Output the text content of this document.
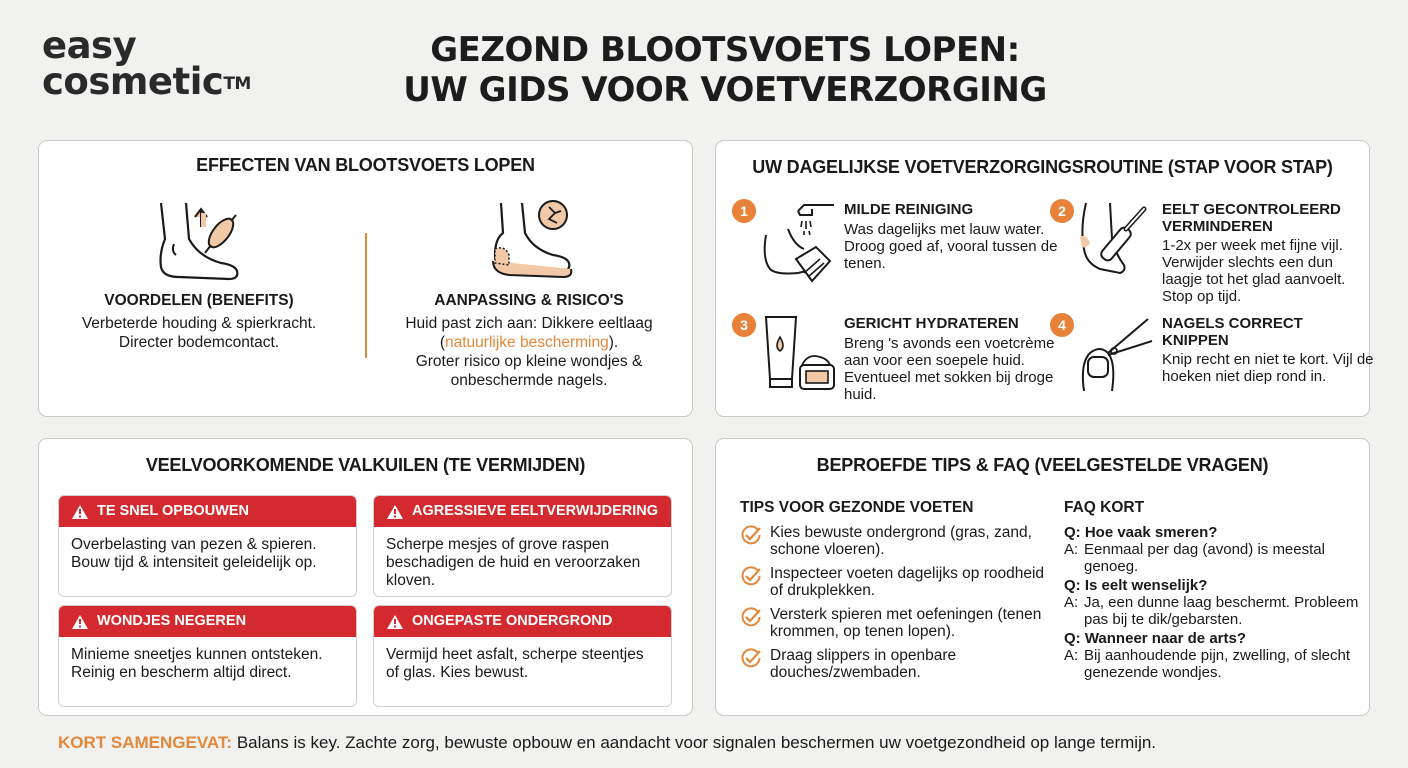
easy
cosmetic™
GEZOND BLOOTSVOETS LOPEN:
UW GIDS VOOR VOETVERZORGING
EFFECTEN VAN BLOOTSVOETS LOPEN
VOORDELEN (BENEFITS)

Verbeterde houding & spierkracht.
Directer bodemcontact.

AANPASSING & RISICO'S

Huid past zich aan: Dikkere eeltlaag
(natuurlijke bescherming).
Groter risico op kleine wondjes &
onbeschermde nagels.

UW DAGELIJKSE VOETVERZORGINGSROUTINE (STAP VOOR STAP)
1	MILDE REINIGING

Was dagelijks met lauw water. Droog goed af, vooral tussen de tenen.

2	EELT GECONTROLEERD VERMINDEREN

1-2x per week met fijne vijl. Verwijder slechts een dun laagje tot het glad aanvoelt. Stop op tijd.

3	GERICHT HYDRATEREN

Breng 's avonds een voetcrème aan voor een soepele huid. Eventueel met sokken bij droge huid.

4	NAGELS CORRECT KNIPPEN

Knip recht en niet te kort. Vijl de hoeken niet diep rond in.

VEELVOORKOMENDE VALKUILEN (TE VERMIJDEN)
TE SNEL OPBOUWEN

Overbelasting van pezen & spieren. Bouw tijd & intensiteit geleidelijk op.

AGRESSIEVE EELTVERWIJDERING

Scherpe mesjes of grove raspen beschadigen de huid en veroorzaken kloven.

WONDJES NEGEREN

Minieme sneetjes kunnen ontsteken. Reinig en bescherm altijd direct.

ONGEPASTE ONDERGROND

Vermijd heet asfalt, scherpe steentjes of glas. Kies bewust.

BEPROEFDE TIPS & FAQ (VEELGESTELDE VRAGEN)
TIPS VOOR GEZONDE VOETEN
Kies bewuste ondergrond (gras, zand, schone vloeren).
Inspecteer voeten dagelijks op roodheid of drukplekken.
Versterk spieren met oefeningen (tenen krommen, op tenen lopen).
Draag slippers in openbare douches/zwembaden.
FAQ KORT
Q: Hoe vaak smeren?
A: Eenmaal per dag (avond) is meestal genoeg.
Q: Is eelt wenselijk?
A: Ja, een dunne laag beschermt. Probleem pas bij te dik/gebarsten.
Q: Wanneer naar de arts?
A: Bij aanhoudende pijn, zwelling, of slecht genezende wondjes.
KORT SAMENGEVAT: Balans is key. Zachte zorg, bewuste opbouw en aandacht voor signalen beschermen uw voetgezondheid op lange termijn.
